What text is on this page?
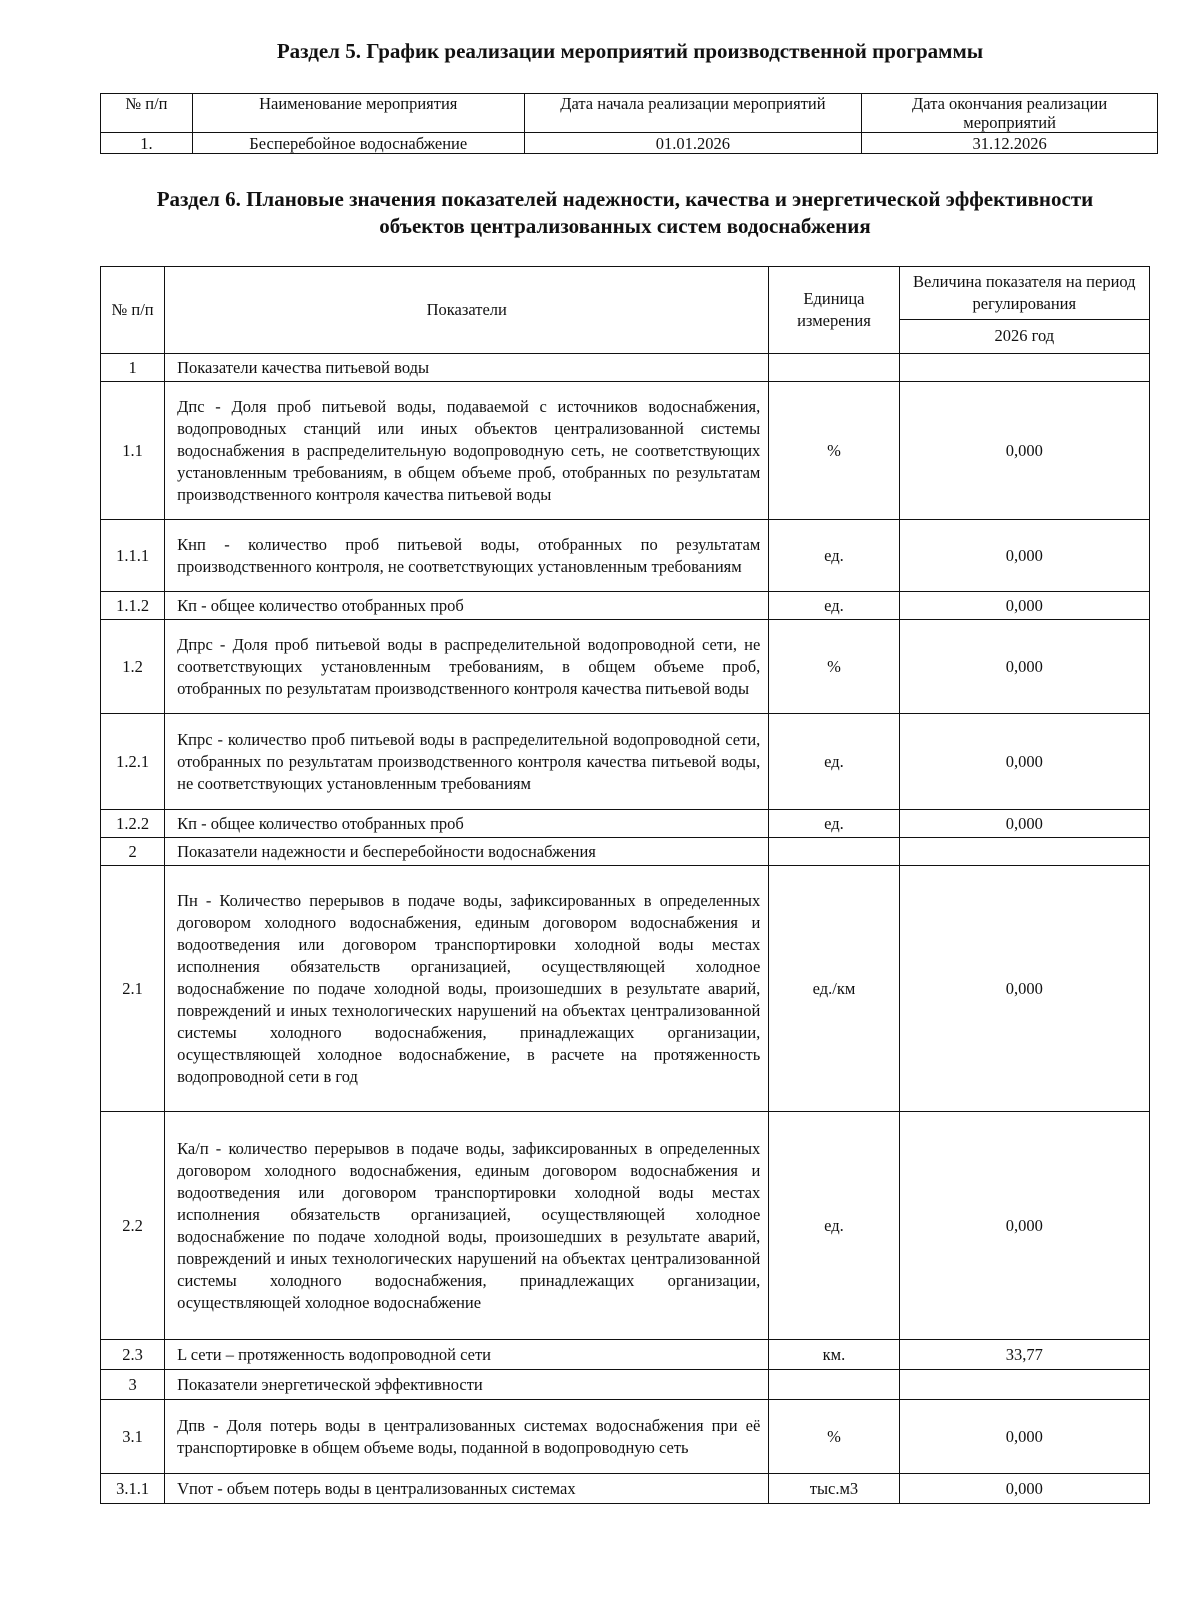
Раздел 5. График реализации мероприятий производственной программы
№ п/п	Наименование мероприятия	Дата начала реализации мероприятий	Дата окончания реализации мероприятий
1.	Бесперебойное водоснабжение	01.01.2026	31.12.2026
Раздел 6. Плановые значения показателей надежности, качества и энергетической эффективности объектов централизованных систем водоснабжения
№ п/п	Показатели	Единица измерения	Величина показателя на период регулирования
			2026 год
1	Показатели качества питьевой воды		
1.1	Дпс - Доля проб питьевой воды, подаваемой с источников водоснабжения, водопроводных станций или иных объектов централизованной системы водоснабжения в распределительную водопроводную сеть, не соответствующих установленным требованиям, в общем объеме проб, отобранных по результатам производственного контроля качества питьевой воды	%	0,000
1.1.1	Кнп - количество проб питьевой воды, отобранных по результатам производственного контроля, не соответствующих установленным требованиям	ед.	0,000
1.1.2	Кп - общее количество отобранных проб	ед.	0,000
1.2	Дпрс - Доля проб питьевой воды в распределительной водопроводной сети, не соответствующих установленным требованиям, в общем объеме проб, отобранных по результатам производственного контроля качества питьевой воды	%	0,000
1.2.1	Кпрс - количество проб питьевой воды в распределительной водопроводной сети, отобранных по результатам производственного контроля качества питьевой воды, не соответствующих установленным требованиям	ед.	0,000
1.2.2	Кп - общее количество отобранных проб	ед.	0,000
2	Показатели надежности и бесперебойности водоснабжения		
2.1	Пн - Количество перерывов в подаче воды, зафиксированных в определенных договором холодного водоснабжения, единым договором водоснабжения и водоотведения или договором транспортировки холодной воды местах исполнения обязательств организацией, осуществляющей холодное водоснабжение по подаче холодной воды, произошедших в результате аварий, повреждений и иных технологических нарушений на объектах централизованной системы холодного водоснабжения, принадлежащих организации, осуществляющей холодное водоснабжение, в расчете на протяженность водопроводной сети в год	ед./км	0,000
2.2	Ка/п - количество перерывов в подаче воды, зафиксированных в определенных договором холодного водоснабжения, единым договором водоснабжения и водоотведения или договором транспортировки холодной воды местах исполнения обязательств организацией, осуществляющей холодное водоснабжение по подаче холодной воды, произошедших в результате аварий, повреждений и иных технологических нарушений на объектах централизованной системы холодного водоснабжения, принадлежащих организации, осуществляющей холодное водоснабжение	ед.	0,000
2.3	L сети – протяженность водопроводной сети	км.	33,77
3	Показатели энергетической эффективности		
3.1	Дпв - Доля потерь воды в централизованных системах водоснабжения при её транспортировке в общем объеме воды, поданной в водопроводную сеть	%	0,000
3.1.1	Vпот - объем потерь воды в централизованных системах	тыс.м3	0,000
